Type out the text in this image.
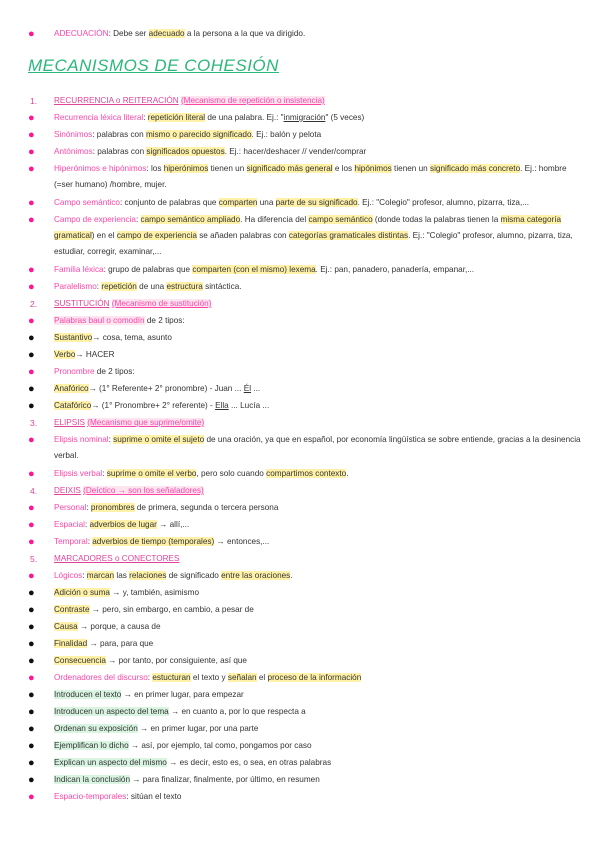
● ADECUACIÓN: Debe ser adecuado a la persona a la que va dirigido.
MECANISMOS DE COHESIÓN
1. RECURRENCIA o REITERACIÓN (Mecanismo de repetición o insistencia)
● Recurrencia léxica literal: repetición literal de una palabra. Ej.: "inmigración" (5 veces)
● Sinónimos: palabras con mismo o parecido significado. Ej.: balón y pelota
● Antónimos: palabras con significados opuestos. Ej.: hacer/deshacer // vender/comprar
● Hiperónimos e hipónimos: los hiperónimos tienen un significado más general e los hipónimos tienen un significado más concreto. Ej.: hombre
(=ser humano) /hombre, mujer.
● Campo semántico: conjunto de palabras que comparten una parte de su significado. Ej.: "Colegio" profesor, alumno, pizarra, tiza,...
● Campo de experiencia: campo semántico ampliado. Ha diferencia del campo semántico (donde todas la palabras tienen la misma categoría
gramatical) en el campo de experiencia se añaden palabras con categorías gramaticales distintas. Ej.: "Colegio" profesor, alumno, pizarra, tiza,
estudiar, corregir, examinar,...
● Familia léxica: grupo de palabras que comparten (con el mismo) lexema. Ej.: pan, panadero, panadería, empanar,...
● Paralelismo: repetición de una estructura sintáctica.
2. SUSTITUCIÓN (Mecanismo de sustitución)
● Palabras baul o comodín de 2 tipos:
● Sustantivo→ cosa, tema, asunto
● Verbo→ HACER
● Pronombre de 2 tipos:
● Anafórico→ (1° Referente+ 2° pronombre) - Juan ... Él ...
● Catafórico→ (1° Pronombre+ 2° referente) - Ella ... Lucía ...
3. ELIPSIS (Mecanismo que suprime/omite)
● Elipsis nominal: suprime o omite el sujeto de una oración, ya que en español, por economía lingüística se sobre entiende, gracias a la desinencia
verbal.
● Elipsis verbal: suprime o omite el verbo, pero solo cuando compartimos contexto.
4. DEIXIS (Deíctico → son los señaladores)
● Personal: pronombres de primera, segunda o tercera persona
● Espacial: adverbios de lugar → allí,...
● Temporal: adverbios de tiempo (temporales) → entonces,...
5. MARCADORES o CONECTORES
● Lógicos: marcan las relaciones de significado entre las oraciones.
● Adición o suma → y, también, asimismo
● Contraste → pero, sin embargo, en cambio, a pesar de
● Causa → porque, a causa de
● Finalidad → para, para que
● Consecuencia → por tanto, por consiguiente, así que
● Ordenadores del discurso: estucturan el texto y señalan el proceso de la información
● Introducen el texto → en primer lugar, para empezar
● Introducen un aspecto del tema → en cuanto a, por lo que respecta a
● Ordenan su exposición → en primer lugar, por una parte
● Ejemplifican lo dicho → así, por ejemplo, tal como, pongamos por caso
● Explican un aspecto del mismo → es decir, esto es, o sea, en otras palabras
● Indican la conclusión → para finalizar, finalmente, por último, en resumen
● Espacio-temporales: sitúan el texto
